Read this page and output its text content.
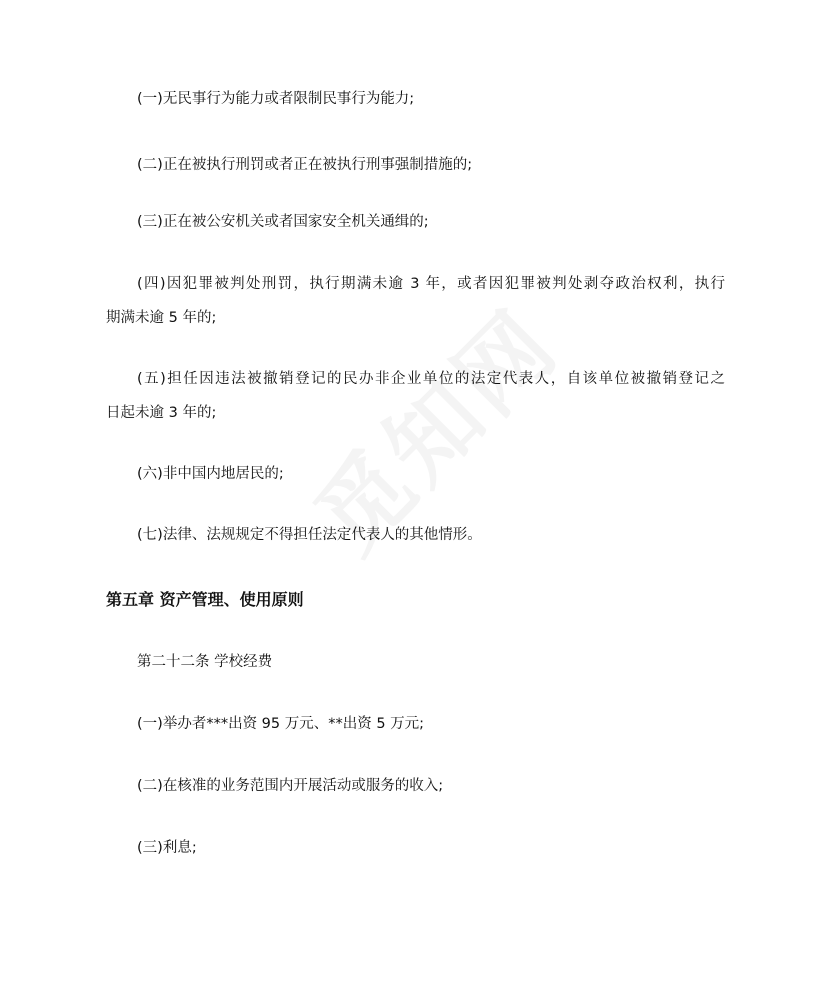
(一)无民事行为能力或者限制民事行为能力;
(二)正在被执行刑罚或者正在被执行刑事强制措施的;
(三)正在被公安机关或者国家安全机关通缉的;
(四)因犯罪被判处刑罚，执行期满未逾 3 年，或者因犯罪被判处剥夺政治权利，执行
期满未逾 5 年的;
(五)担任因违法被撤销登记的民办非企业单位的法定代表人，自该单位被撤销登记之
日起未逾 3 年的;
(六)非中国内地居民的;
(七)法律、法规规定不得担任法定代表人的其他情形。
第五章 资产管理、使用原则
第二十二条 学校经费
(一)举办者***出资 95 万元、**出资 5 万元;
(二)在核准的业务范围内开展活动或服务的收入;
(三)利息;
